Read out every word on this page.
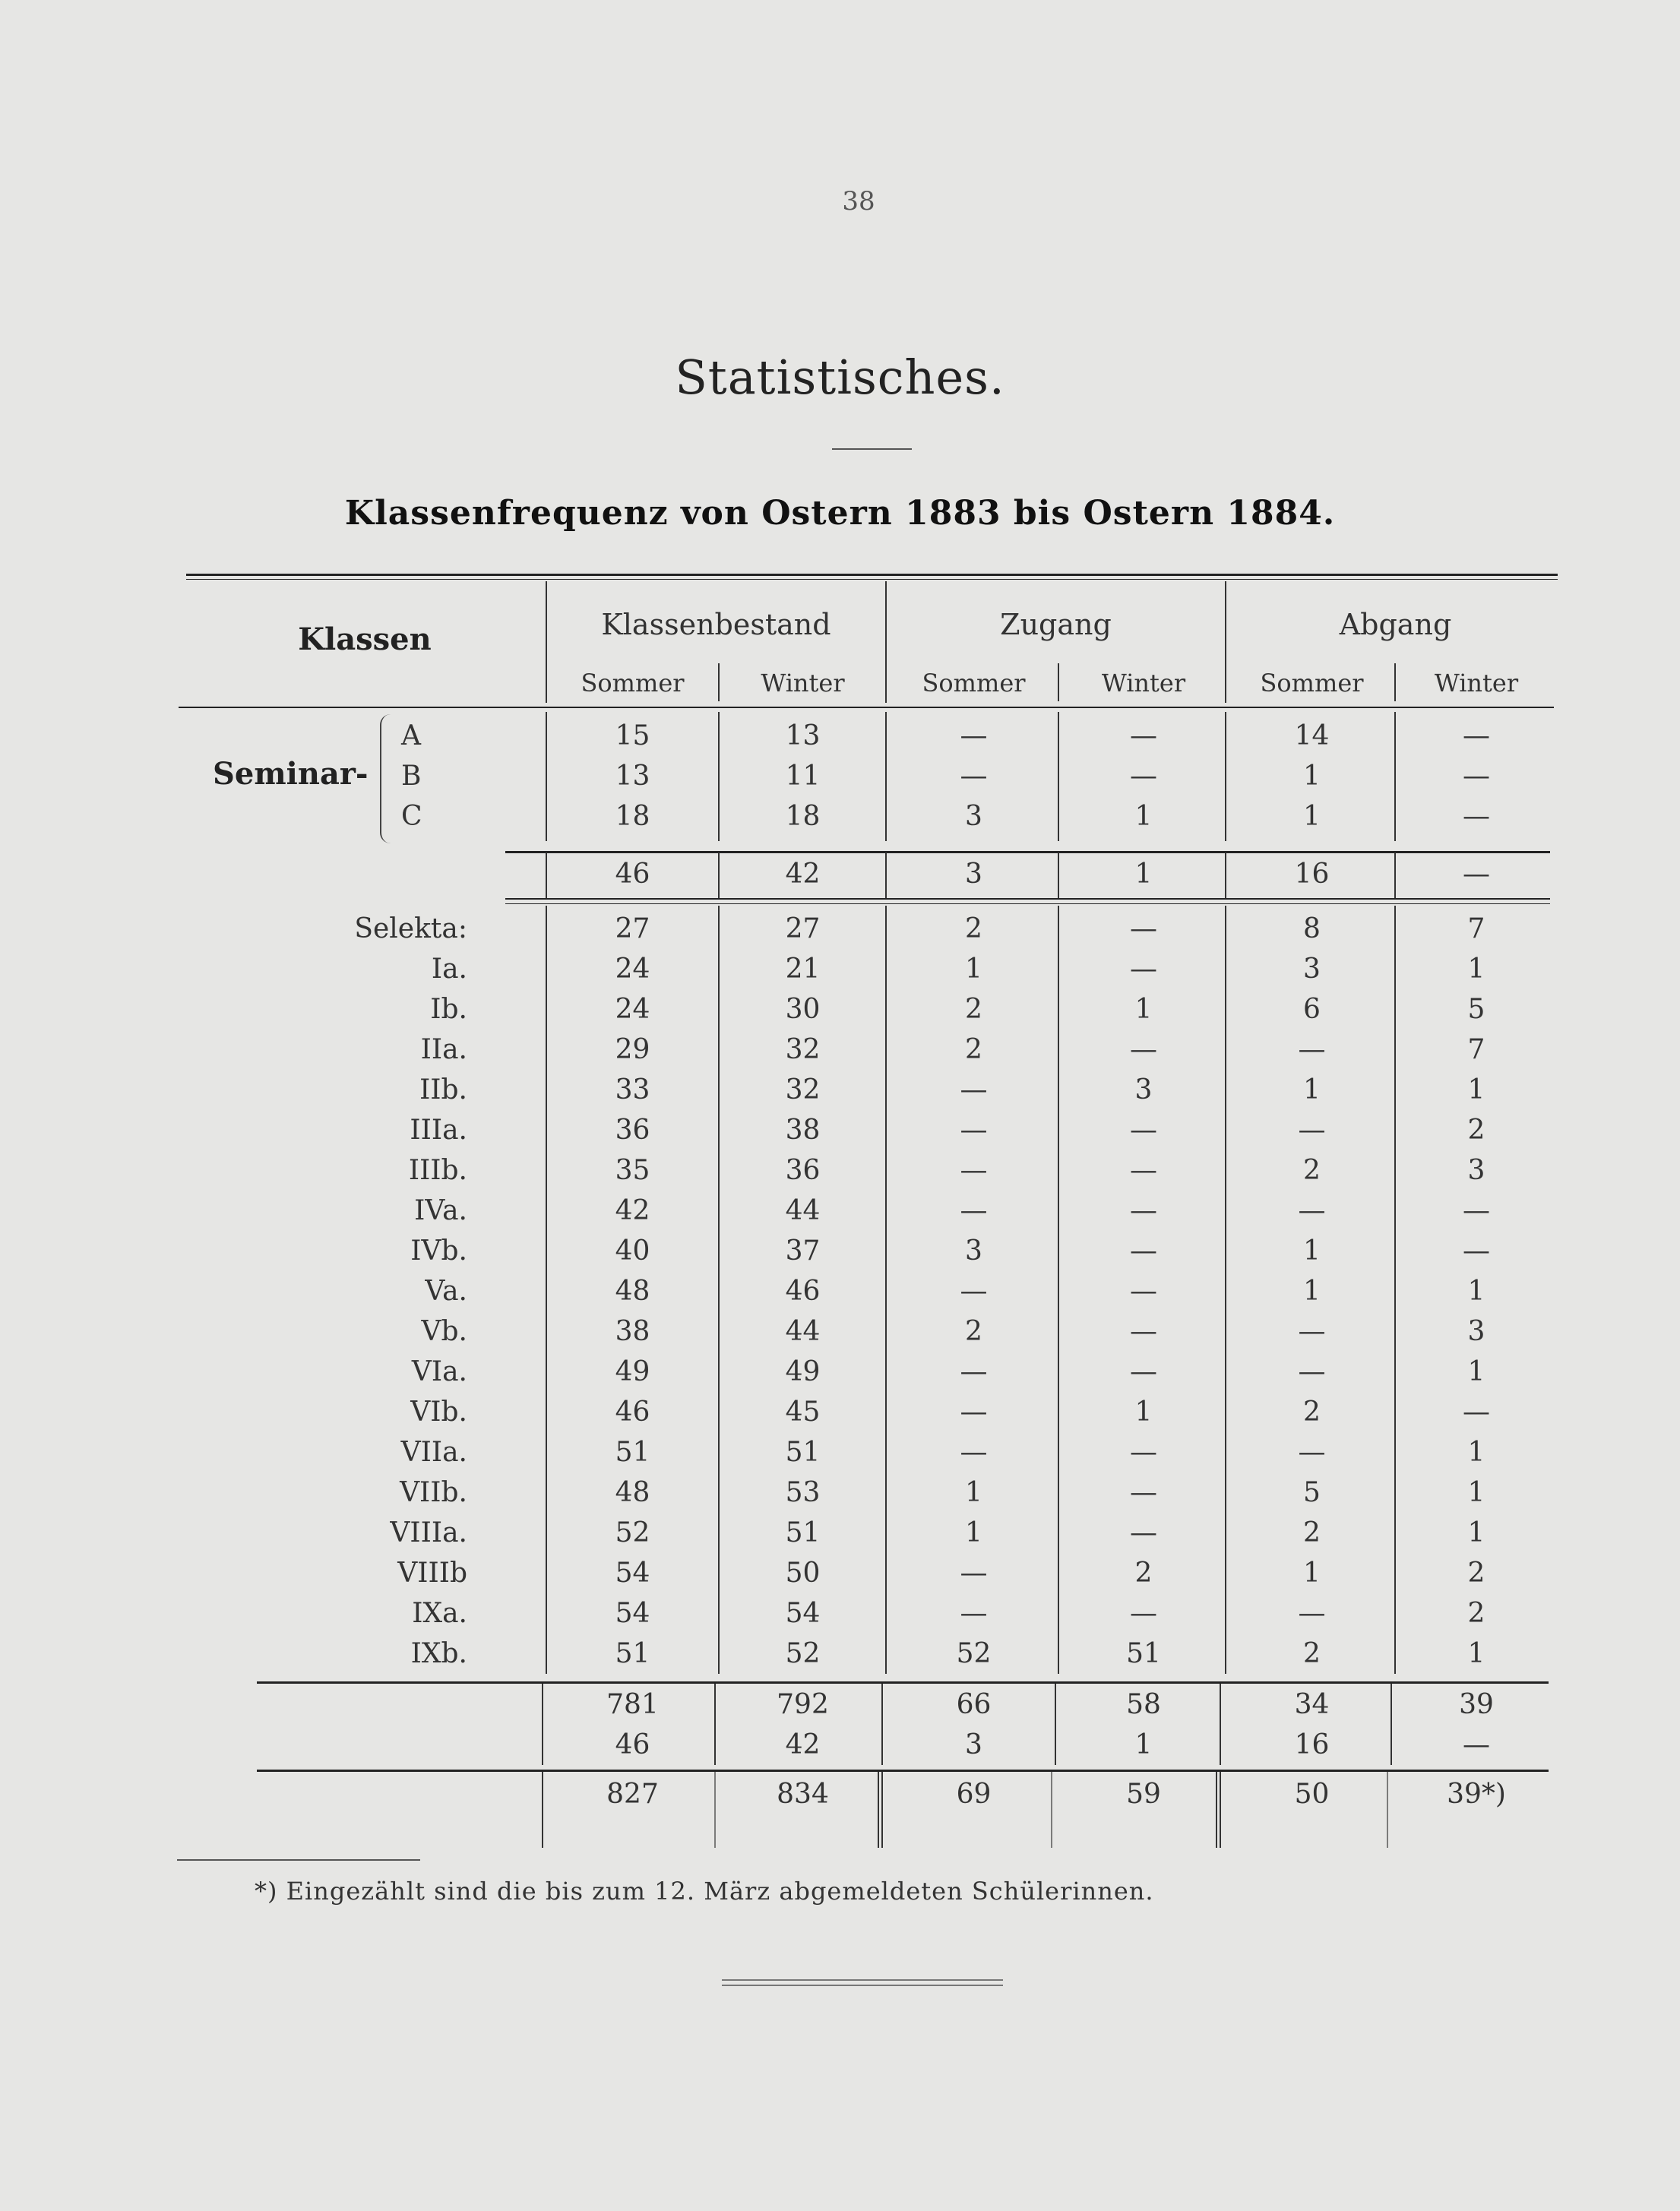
38
Statistisches.
Klassenfrequenz von Ostern 1883 bis Ostern 1884.
Klassen	Klassenbestand
Sommer	Winter
Zugang
Sommer	Winter
Abgang
Sommer	Winter
Seminar-
A	15	13	—	—	14	—
B	13	11	—	—	1	—
C	18	18	3	1	1	—
46	42	3	1	16	—
Selekta:	27	27	2	—	8	7
Ia.	24	21	1	—	3	1
Ib.	24	30	2	1	6	5
IIa.	29	32	2	—	—	7
IIb.	33	32	—	3	1	1
IIIa.	36	38	—	—	—	2
IIIb.	35	36	—	—	2	3
IVa.	42	44	—	—	—	—
IVb.	40	37	3	—	1	—
Va.	48	46	—	—	1	1
Vb.	38	44	2	—	—	3
VIa.	49	49	—	—	—	1
VIb.	46	45	—	1	2	—
VIIa.	51	51	—	—	—	1
VIIb.	48	53	1	—	5	1
VIIIa.	52	51	1	—	2	1
VIIIb	54	50	—	2	1	2
IXa.	54	54	—	—	—	2
IXb.	51	52	52	51	2	1
781	792	66	58	34	39
46	42	3	1	16	—
827	834	69	59	50	39*)
*) Eingezählt sind die bis zum 12. März abgemeldeten Schülerinnen.
